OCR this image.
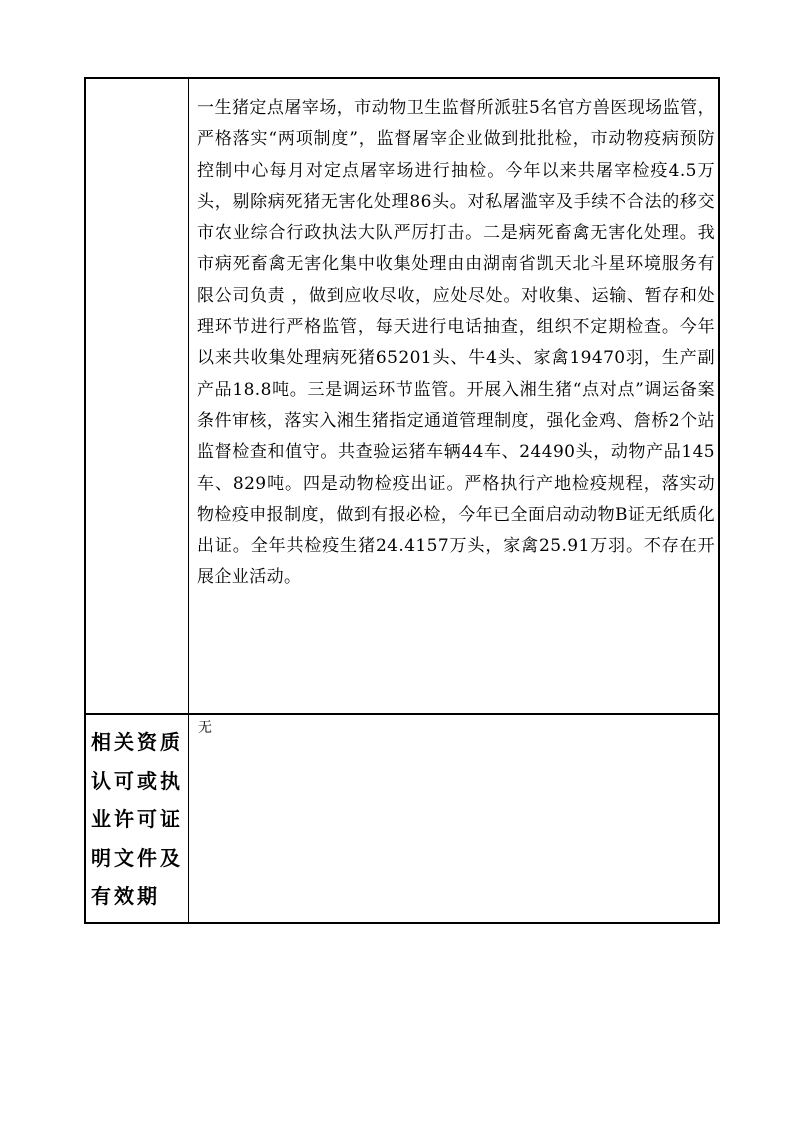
一生猪定点屠宰场，市动物卫生监督所派驻5名官方兽医现场监管，严格落实“两项制度”，监督屠宰企业做到批批检，市动物疫病预防控制中心每月对定点屠宰场进行抽检。今年以来共屠宰检疫4.5万头，剔除病死猪无害化处理86头。对私屠滥宰及手续不合法的移交市农业综合行政执法大队严厉打击。二是病死畜禽无害化处理。我市病死畜禽无害化集中收集处理由由湖南省凯天北斗星环境服务有限公司负责 ，做到应收尽收，应处尽处。对收集、运输、暂存和处理环节进行严格监管，每天进行电话抽查，组织不定期检查。今年以来共收集处理病死猪65201头、牛4头、家禽19470羽，生产副产品18.8吨。三是调运环节监管。开展入湘生猪“点对点”调运备案条件审核，落实入湘生猪指定通道管理制度，强化金鸡、詹桥2个站监督检查和值守。共查验运猪车辆44车、24490头，动物产品145车、829吨。四是动物检疫出证。严格执行产地检疫规程，落实动物检疫申报制度，做到有报必检，今年已全面启动动物B证无纸质化出证。全年共检疫生猪24.4157万头，家禽25.91万羽。不存在开展企业活动。

相关资质认可或执业许可证明文件及有效期

无
